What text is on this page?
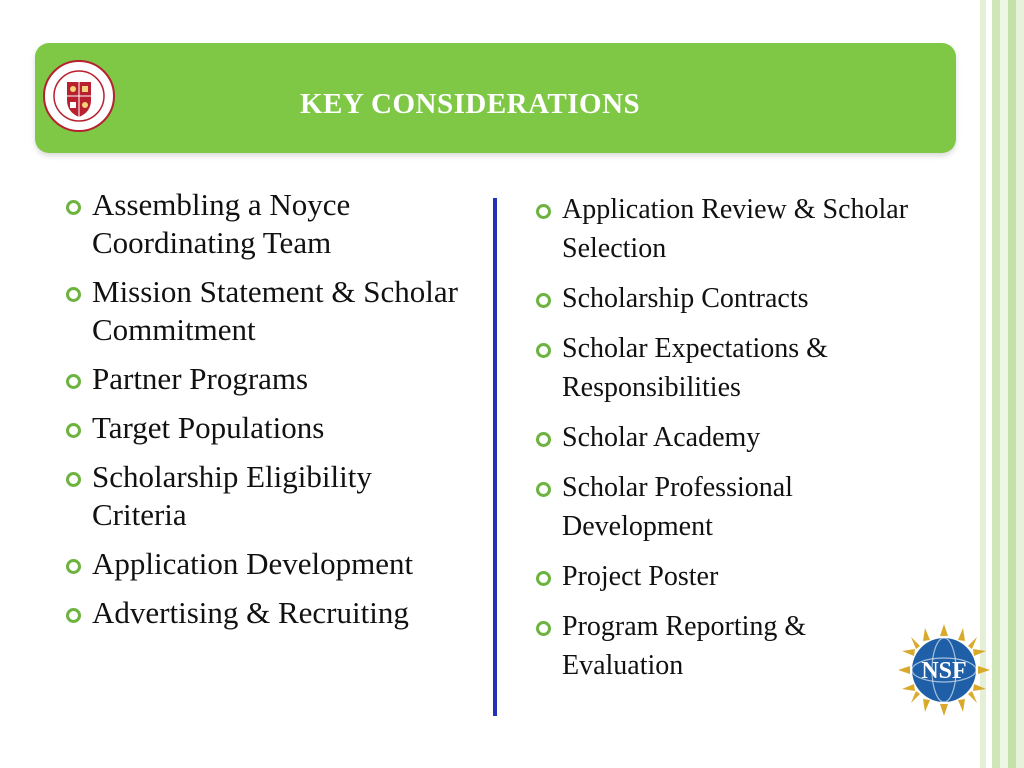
KEY CONSIDERATIONS
Assembling a Noyce Coordinating Team
Mission Statement & Scholar Commitment
Partner Programs
Target Populations
Scholarship Eligibility Criteria
Application Development
Advertising & Recruiting
Application Review & Scholar Selection
Scholarship Contracts
Scholar Expectations & Responsibilities
Scholar Academy
Scholar Professional Development
Project Poster
Program Reporting & Evaluation	NSF
